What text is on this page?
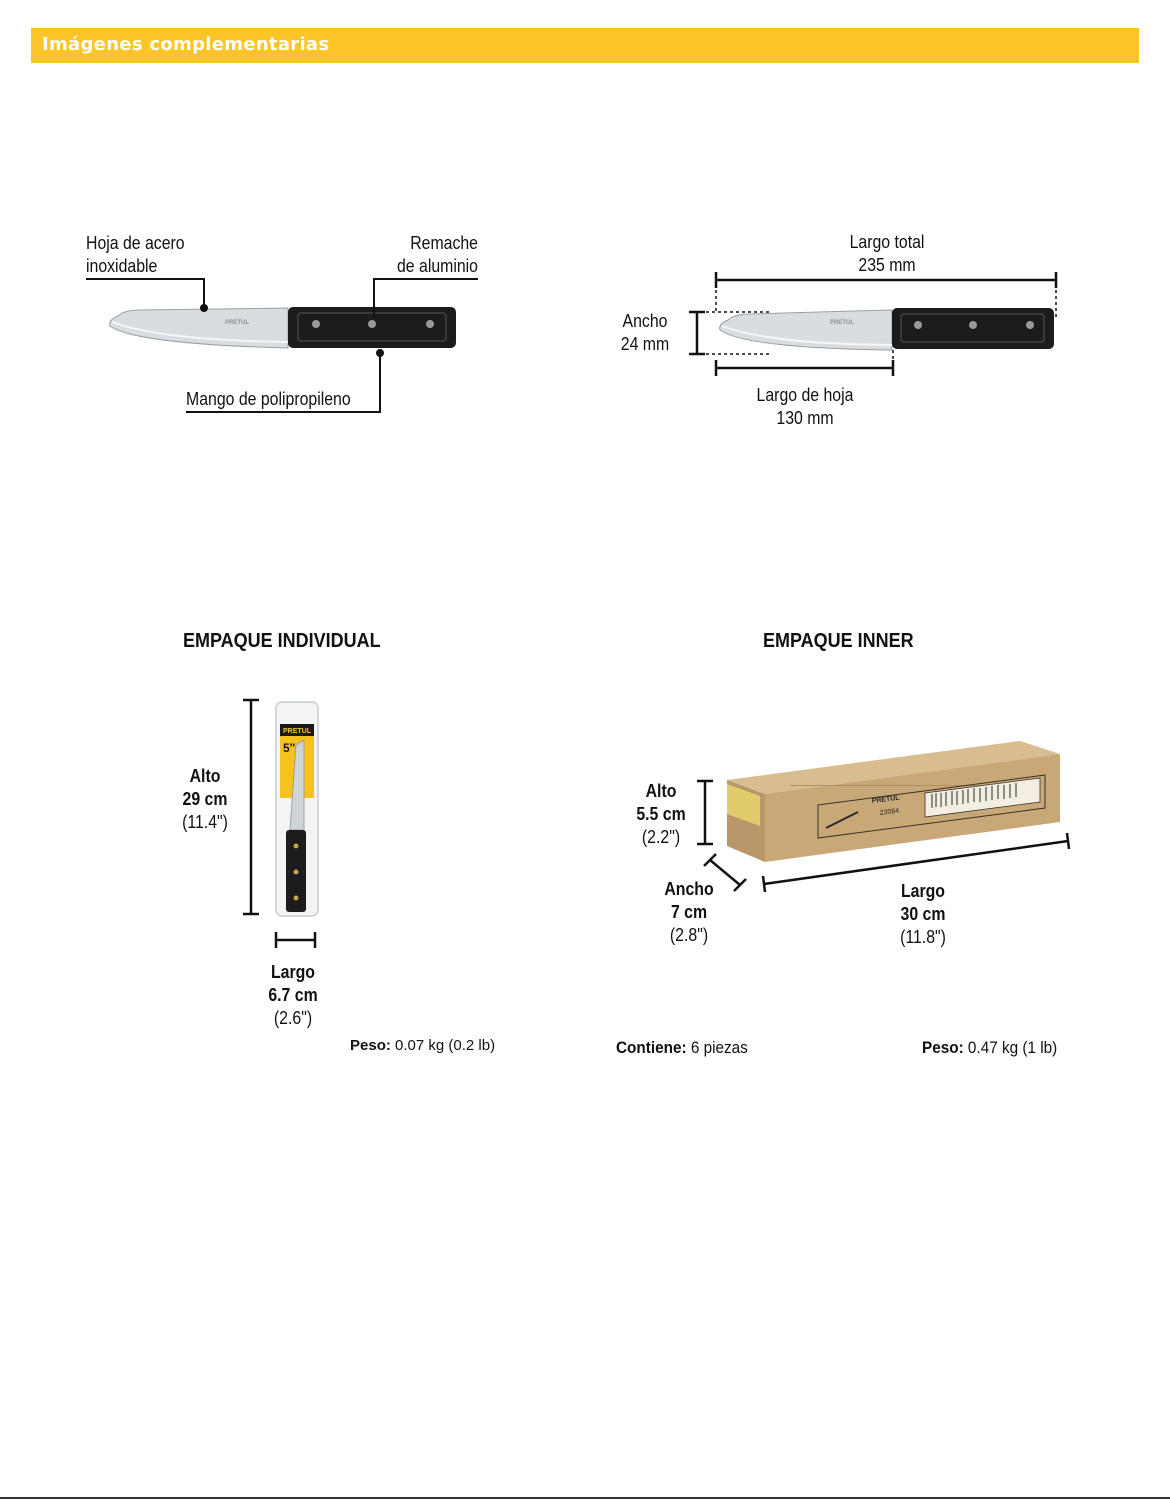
Imágenes complementarias
Hoja de acero
inoxidable
Remache
de aluminio
Mango de polipropileno
PRETUL
Largo total
235 mm
Ancho
24 mm
Largo de hoja
130 mm
PRETUL
EMPAQUE INDIVIDUAL
Alto
29 cm
(11.4")
Largo
6.7 cm
(2.6")
PRETUL
5"
Peso: 0.07 kg (0.2 lb)
EMPAQUE INNER
Alto
5.5 cm
(2.2")
Ancho
7 cm
(2.8")
Largo
30 cm
(11.8")
PRETUL
23084
Contiene: 6 piezas	Peso: 0.47 kg (1 lb)
